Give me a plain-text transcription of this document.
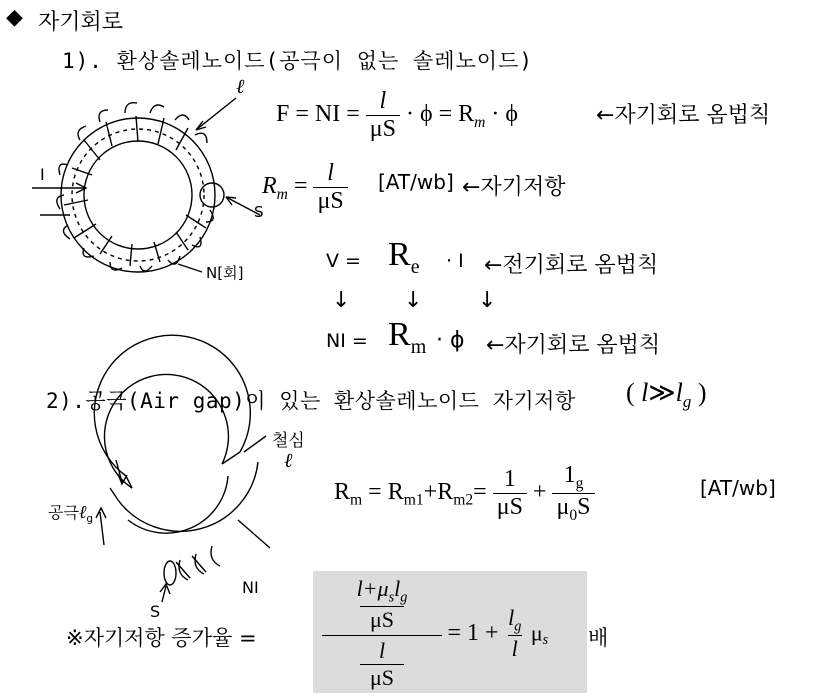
◆ 자기회로
1). 환상솔레노이드(공극이 없는 솔레노이드)
ℓ
I
S
N[회]
F = NI = $\frac{l}{\mu S} \cdot \phi = R_m \cdot \phi$	←자기회로 옴법칙
$R_m = \frac{l}{\mu S} [AT/wb]$ ←자기저항
$V = R_e \cdot I$ ←전기회로 옴법칙
↓ ↓	↓
NI = $R_m \cdot \phi$ ←자기회로 옴법칙
2).공극(Air gap)이 있는 환상솔레노이드 자기저항 ( $l≫l_g$ )
철심
ℓ
공극ℓ$_g$
S
NI
$R_m = R_{m1}+R_{m2}= \frac{1}{\mu S} + \frac{1_g}{\mu_0S}$	[AT/wb]
※자기저항 증가율 =	$l+\mu_sl_g$
μS
l
$\mu S = 1 + \frac{l_g}{l} \mu_s$ 배
